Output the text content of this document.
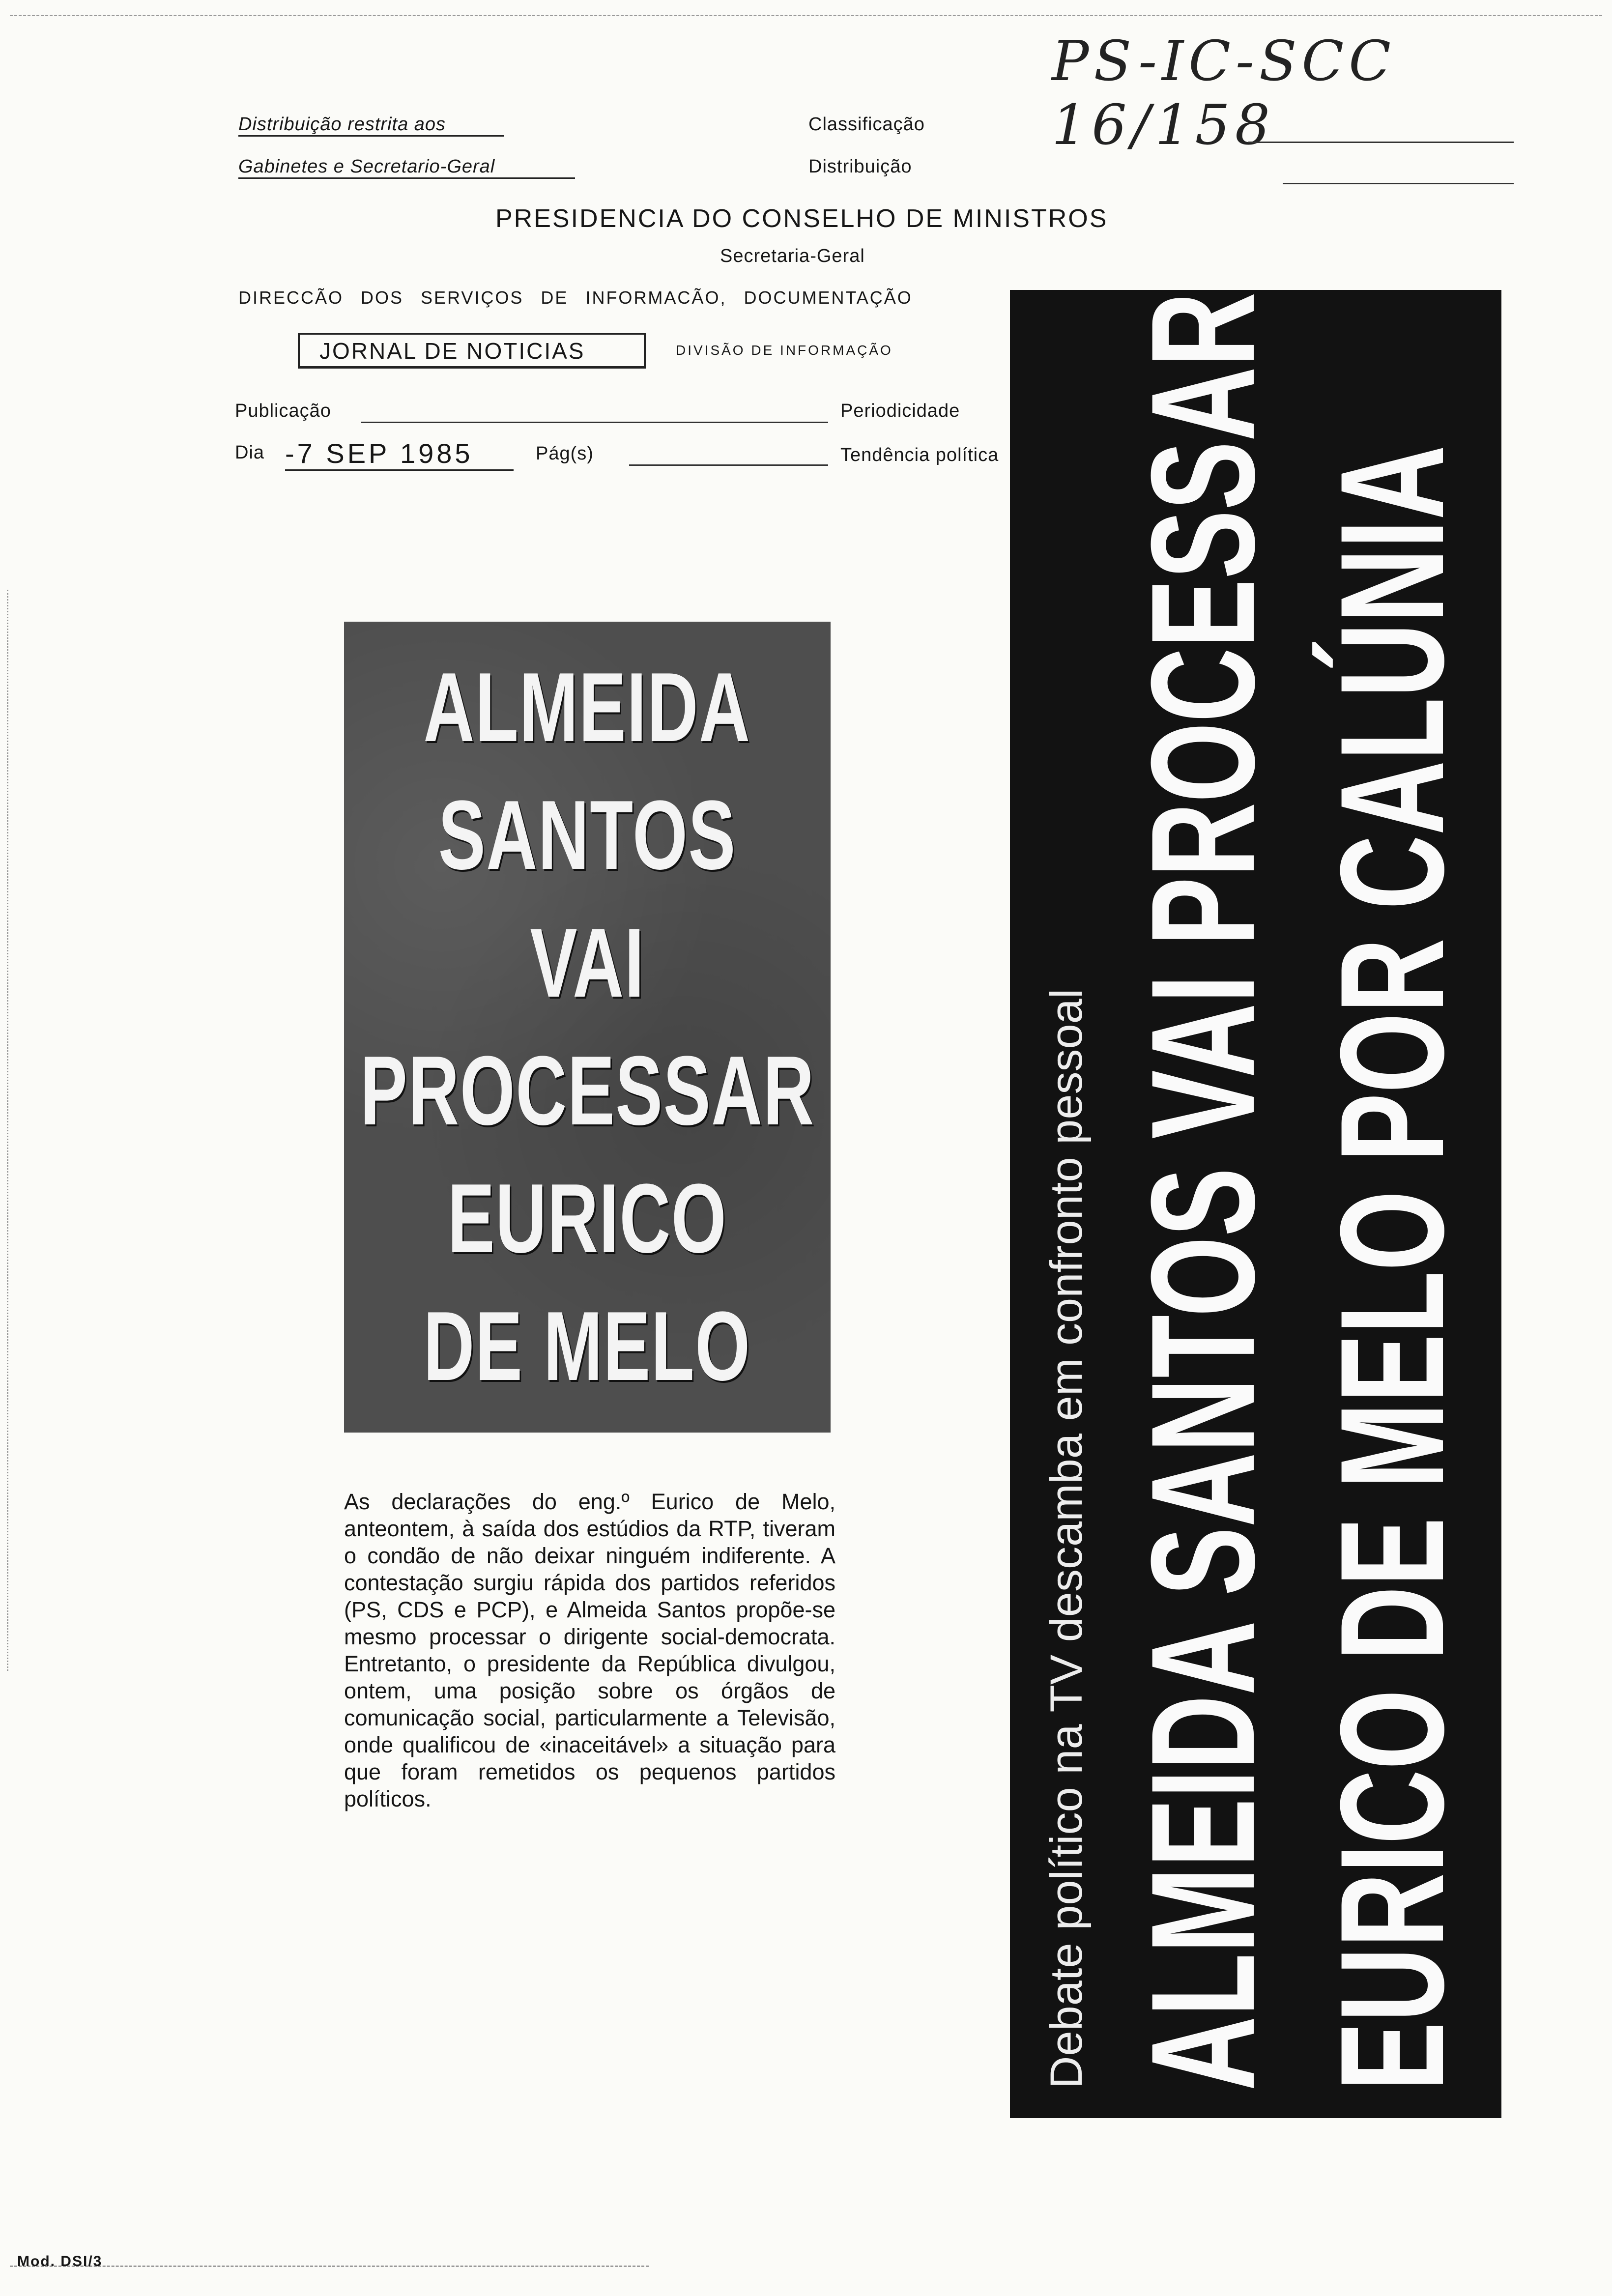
PS-IC-SCC 16/158
Distribuição restrita aos
Gabinetes e Secretario-Geral
Classificação
Distribuição
PRESIDENCIA DO CONSELHO DE MINISTROS
Secretaria-Geral
DIRECCÃO DOS SERVIÇOS DE INFORMACÃO, DOCUMENTAÇÃO
JORNAL DE NOTICIAS	DIVISÃO DE INFORMAÇÃO
Publicação	Periodicidade
Dia -7 SEP 1985	Pág(s)	Tendência política
ALMEIDA
SANTOS
VAI
PROCESSAR
EURICO
DE MELO
As declarações do eng.º Eurico de Melo, anteontem, à saída dos estúdios da RTP, tiveram o condão de não deixar ninguém indiferente. A contestação surgiu rápida dos partidos referidos (PS, CDS e PCP), e Almeida Santos propõe-se mesmo processar o dirigente social-democrata. Entretanto, o presidente da República divulgou, ontem, uma posição sobre os órgãos de comunicação social, particularmente a Televisão, onde qualificou de «inaceitável» a situação para que foram remetidos os pequenos partidos políticos.	Debate político na TV descamba em confronto pessoal ALMEIDA SANTOS VAI PROCESSAR EURICO DE MELO POR CALÚNIA
Mod. DSI/3
